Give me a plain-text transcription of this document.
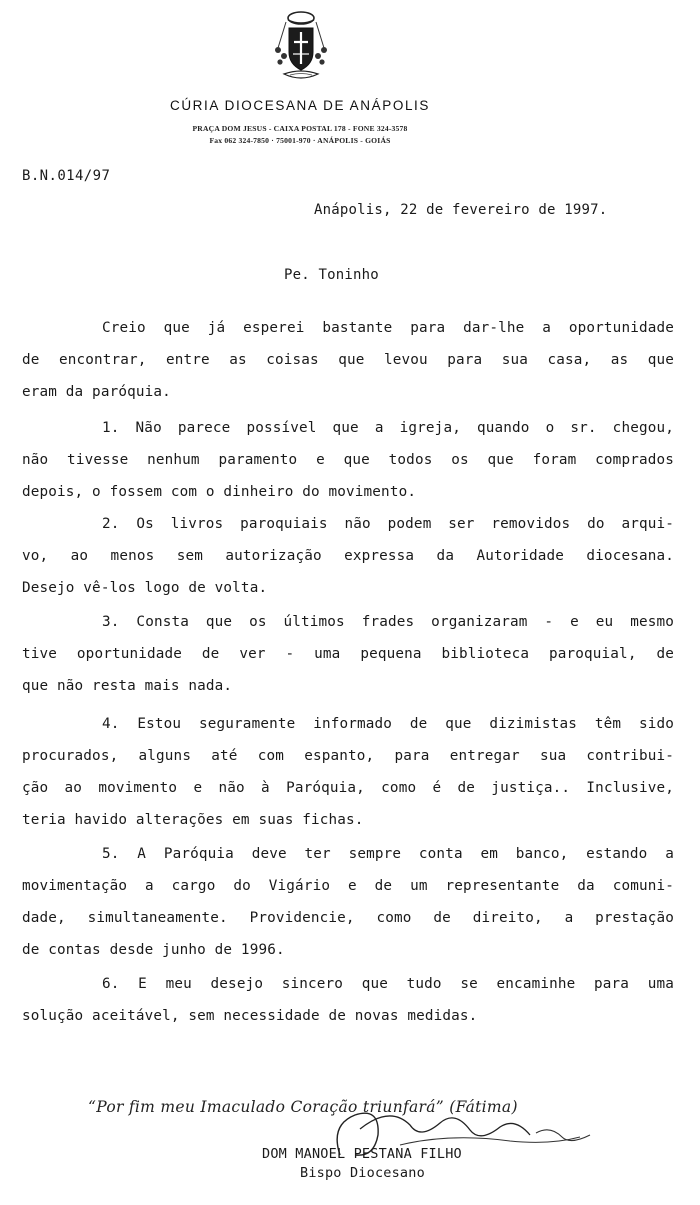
CÚRIA DIOCESANA DE ANÁPOLIS
PRAÇA DOM JESUS - CAIXA POSTAL 178 - FONE 324-3578
Fax 062 324-7850 · 75001-970 · ANÁPOLIS - GOIÁS
B.N.014/97
Anápolis, 22 de fevereiro de 1997.
Pe. Toninho
Creio que já esperei bastante para dar-lhe a oportunidade
de encontrar, entre as coisas que levou para sua casa, as que
eram da paróquia.
1. Não parece possível que a igreja, quando o sr. chegou,
não tivesse nenhum paramento e que todos os que foram comprados
depois, o fossem com o dinheiro do movimento.
2. Os livros paroquiais não podem ser removidos do arqui-
vo, ao menos sem autorização expressa da Autoridade diocesana.
Desejo vê-los logo de volta.
3. Consta que os últimos frades organizaram - e eu mesmo
tive oportunidade de ver - uma pequena biblioteca paroquial, de
que não resta mais nada.
4. Estou seguramente informado de que dizimistas têm sido
procurados, alguns até com espanto, para entregar sua contribui-
ção ao movimento e não à Paróquia, como é de justiça.. Inclusive,
teria havido alterações em suas fichas.
5. A Paróquia deve ter sempre conta em banco, estando a
movimentação a cargo do Vigário e de um representante da comuni-
dade, simultaneamente. Providencie, como de direito, a prestação
de contas desde junho de 1996.
6. E meu desejo sincero que tudo se encaminhe para uma
solução aceitável, sem necessidade de novas medidas.
“Por fim meu Imaculado Coração triunfará” (Fátima)
DOM MANOEL PESTANA FILHO
Bispo Diocesano
